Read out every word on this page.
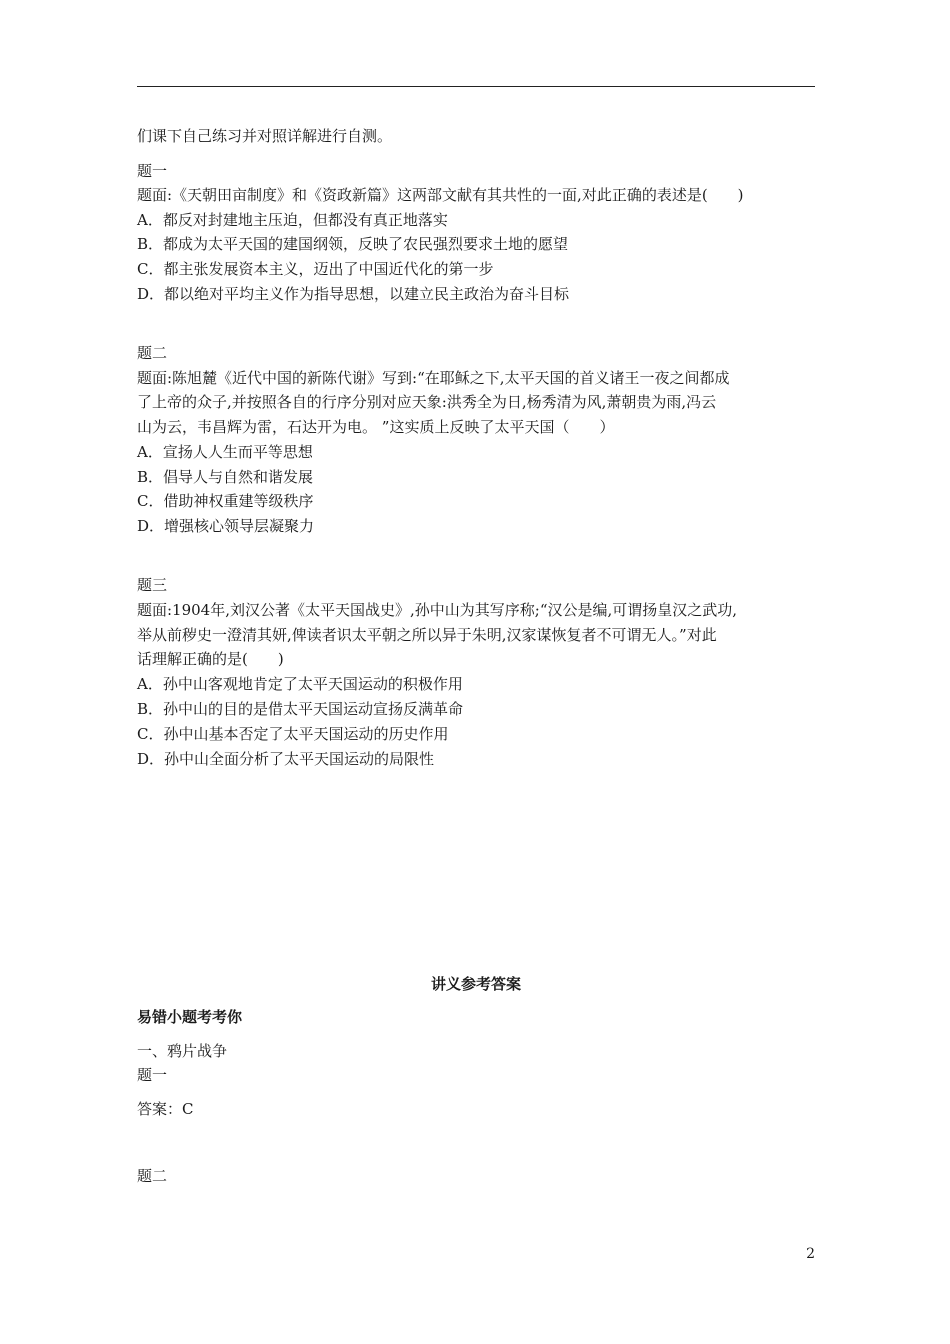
们课下自己练习并对照详解进行自测。
题一
题面:《天朝田亩制度》和《资政新篇》这两部文献有其共性的一面,对此正确的表述是(　　)
A．都反对封建地主压迫，但都没有真正地落实
B．都成为太平天国的建国纲领，反映了农民强烈要求土地的愿望
C．都主张发展资本主义，迈出了中国近代化的第一步
D．都以绝对平均主义作为指导思想，以建立民主政治为奋斗目标
题二
题面:陈旭麓《近代中国的新陈代谢》写到:“在耶稣之下,太平天国的首义诸王一夜之间都成
了上帝的众子,并按照各自的行序分别对应天象:洪秀全为日,杨秀清为风,萧朝贵为雨,冯云
山为云，韦昌辉为雷，石达开为电。 ”这实质上反映了太平天国（　　）
A．宣扬人人生而平等思想
B．倡导人与自然和谐发展
C．借助神权重建等级秩序
D．增强核心领导层凝聚力
题三
题面:1904年,刘汉公著《太平天国战史》,孙中山为其写序称;“汉公是编,可谓扬皇汉之武功,
举从前秽史一澄清其妍,俾读者识太平朝之所以异于朱明,汉家谋恢复者不可谓无人。”对此
话理解正确的是(　　)
A．孙中山客观地肯定了太平天国运动的积极作用
B．孙中山的目的是借太平天国运动宣扬反满革命
C．孙中山基本否定了太平天国运动的历史作用
D．孙中山全面分析了太平天国运动的局限性
讲义参考答案
易错小题考考你
一、鸦片战争
题一
答案：C
题二
2
